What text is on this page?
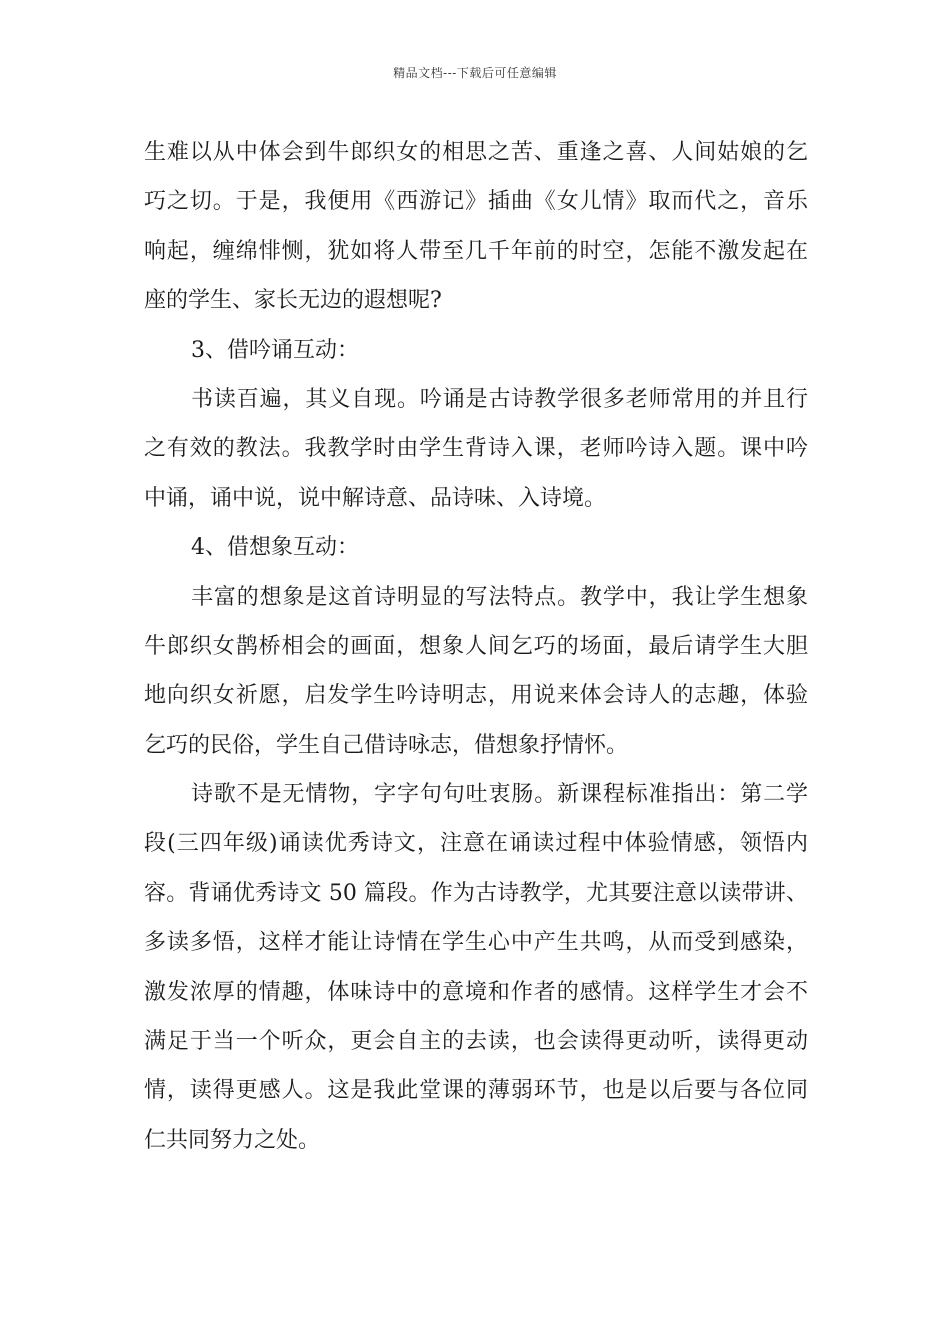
精品文档---下载后可任意编辑
生难以从中体会到牛郎织女的相思之苦、重逢之喜、人间姑娘的乞
巧之切。于是，我便用《西游记》插曲《女儿情》取而代之，音乐
响起，缠绵悱恻，犹如将人带至几千年前的时空，怎能不激发起在
座的学生、家长无边的遐想呢?
3、借吟诵互动：
书读百遍，其义自现。吟诵是古诗教学很多老师常用的并且行
之有效的教法。我教学时由学生背诗入课，老师吟诗入题。课中吟
中诵，诵中说，说中解诗意、品诗味、入诗境。
4、借想象互动：
丰富的想象是这首诗明显的写法特点。教学中，我让学生想象
牛郎织女鹊桥相会的画面，想象人间乞巧的场面，最后请学生大胆
地向织女祈愿，启发学生吟诗明志，用说来体会诗人的志趣，体验
乞巧的民俗，学生自己借诗咏志，借想象抒情怀。
诗歌不是无情物，字字句句吐衷肠。新课程标准指出：第二学
段(三四年级)诵读优秀诗文，注意在诵读过程中体验情感，领悟内
容。背诵优秀诗文 50 篇段。作为古诗教学，尤其要注意以读带讲、
多读多悟，这样才能让诗情在学生心中产生共鸣，从而受到感染，
激发浓厚的情趣，体味诗中的意境和作者的感情。这样学生才会不
满足于当一个听众，更会自主的去读，也会读得更动听，读得更动
情，读得更感人。这是我此堂课的薄弱环节，也是以后要与各位同
仁共同努力之处。
